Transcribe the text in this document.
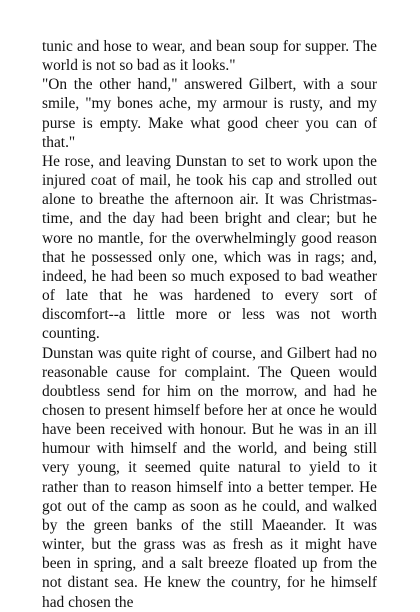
tunic and hose to wear, and bean soup for supper. The world is not so bad as it looks."

"On the other hand," answered Gilbert, with a sour smile, "my bones ache, my armour is rusty, and my purse is empty. Make what good cheer you can of that."

He rose, and leaving Dunstan to set to work upon the injured coat of mail, he took his cap and strolled out alone to breathe the afternoon air. It was Christmas-time, and the day had been bright and clear; but he wore no mantle, for the overwhelmingly good reason that he possessed only one, which was in rags; and, indeed, he had been so much exposed to bad weather of late that he was hardened to every sort of discomfort--a little more or less was not worth counting.

Dunstan was quite right of course, and Gilbert had no reasonable cause for complaint. The Queen would doubtless send for him on the morrow, and had he chosen to present himself before her at once he would have been received with honour. But he was in an ill humour with himself and the world, and being still very young, it seemed quite natural to yield to it rather than to reason himself into a better temper. He got out of the camp as soon as he could, and walked by the green banks of the still Maeander. It was winter, but the grass was as fresh as it might have been in spring, and a salt breeze floated up from the not distant sea. He knew the country, for he himself had chosen the
